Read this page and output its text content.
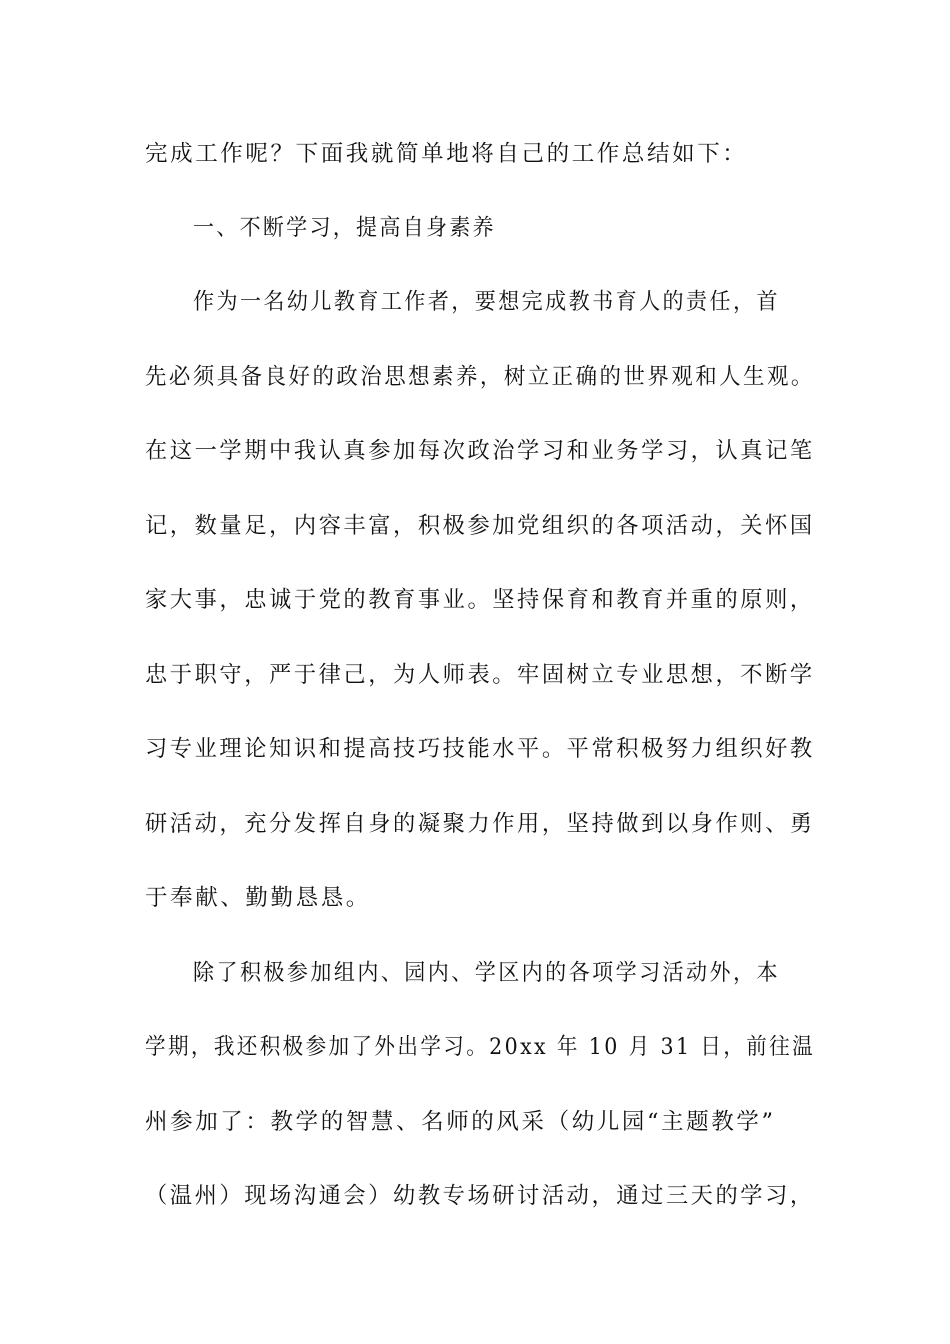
完成工作呢？下面我就简单地将自己的工作总结如下：
一、不断学习，提高自身素养
作为一名幼儿教育工作者，要想完成教书育人的责任，首
先必须具备良好的政治思想素养，树立正确的世界观和人生观。
在这一学期中我认真参加每次政治学习和业务学习，认真记笔
记，数量足，内容丰富，积极参加党组织的各项活动，关怀国
家大事，忠诚于党的教育事业。坚持保育和教育并重的原则，
忠于职守，严于律己，为人师表。牢固树立专业思想，不断学
习专业理论知识和提高技巧技能水平。平常积极努力组织好教
研活动，充分发挥自身的凝聚力作用，坚持做到以身作则、勇
于奉献、勤勤恳恳。
除了积极参加组内、园内、学区内的各项学习活动外，本
学期，我还积极参加了外出学习。20xx 年 10 月 31 日，前往温
州参加了：教学的智慧、名师的风采（幼儿园“主题教学”
（温州）现场沟通会）幼教专场研讨活动，通过三天的学习，
